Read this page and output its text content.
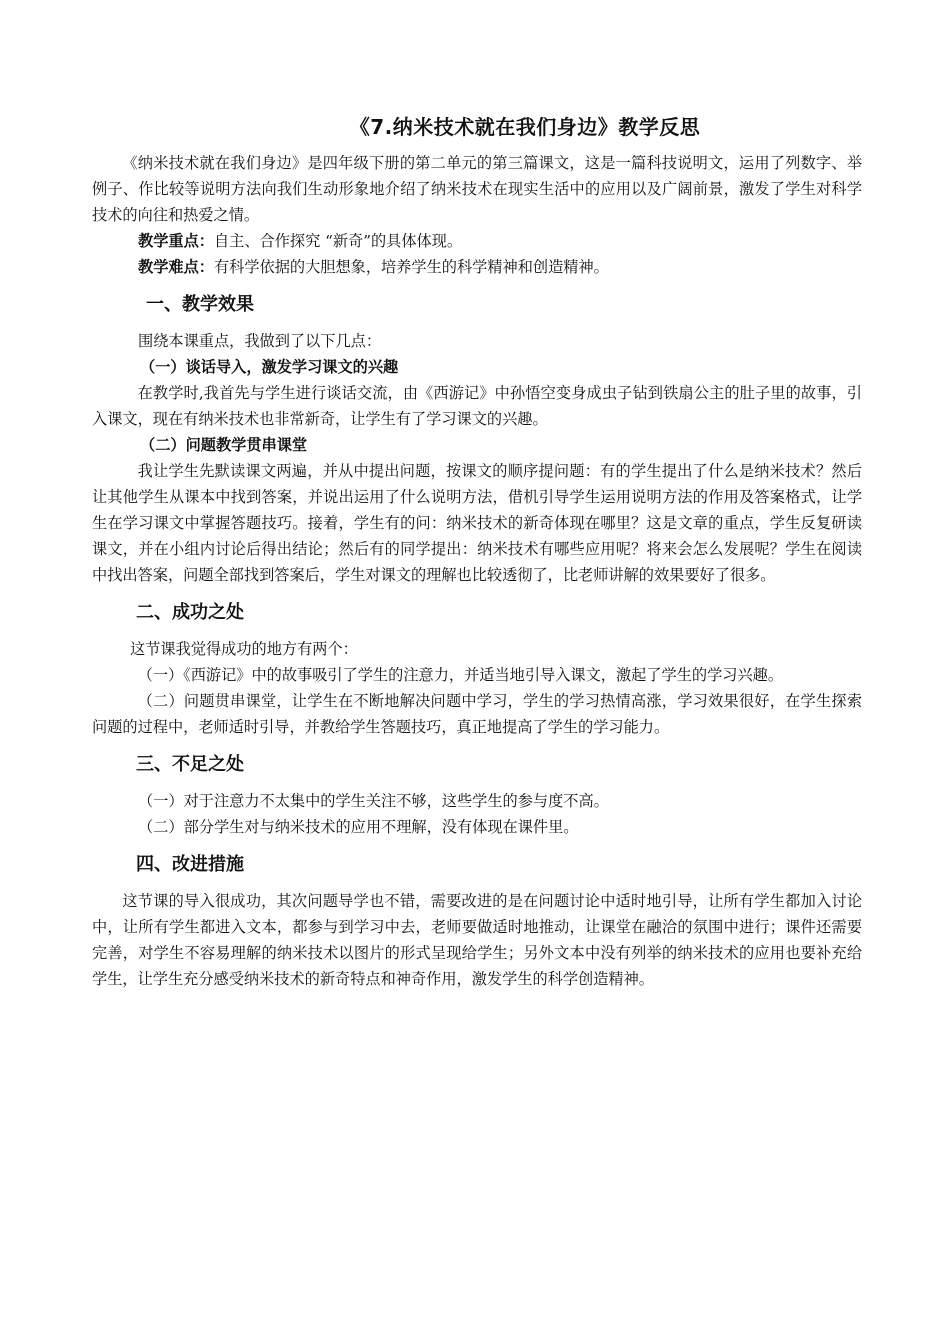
《7.纳米技术就在我们身边》教学反思

《纳米技术就在我们身边》是四年级下册的第二单元的第三篇课文，这是一篇科技说明文，运用了列数字、举例子、作比较等说明方法向我们生动形象地介绍了纳米技术在现实生活中的应用以及广阔前景，激发了学生对科学技术的向往和热爱之情。

教学重点：自主、合作探究 “新奇”的具体体现。

教学难点：有科学依据的大胆想象，培养学生的科学精神和创造精神。

一、教学效果

围绕本课重点，我做到了以下几点：

（一）谈话导入，激发学习课文的兴趣

在教学时,我首先与学生进行谈话交流，由《西游记》中孙悟空变身成虫子钻到铁扇公主的肚子里的故事，引入课文，现在有纳米技术也非常新奇，让学生有了学习课文的兴趣。

（二）问题教学贯串课堂

我让学生先默读课文两遍，并从中提出问题，按课文的顺序提问题：有的学生提出了什么是纳米技术？然后让其他学生从课本中找到答案，并说出运用了什么说明方法，借机引导学生运用说明方法的作用及答案格式，让学生在学习课文中掌握答题技巧。接着，学生有的问：纳米技术的新奇体现在哪里？这是文章的重点，学生反复研读课文，并在小组内讨论后得出结论；然后有的同学提出：纳米技术有哪些应用呢？将来会怎么发展呢？学生在阅读中找出答案，问题全部找到答案后，学生对课文的理解也比较透彻了，比老师讲解的效果要好了很多。

二、成功之处

这节课我觉得成功的地方有两个：

（一）《西游记》中的故事吸引了学生的注意力，并适当地引导入课文，激起了学生的学习兴趣。

（二）问题贯串课堂，让学生在不断地解决问题中学习，学生的学习热情高涨，学习效果很好，在学生探索问题的过程中，老师适时引导，并教给学生答题技巧，真正地提高了学生的学习能力。

三、不足之处

（一）对于注意力不太集中的学生关注不够，这些学生的参与度不高。

（二）部分学生对与纳米技术的应用不理解，没有体现在课件里。

四、改进措施

这节课的导入很成功，其次问题导学也不错，需要改进的是在问题讨论中适时地引导，让所有学生都加入讨论中，让所有学生都进入文本，都参与到学习中去，老师要做适时地推动，让课堂在融洽的氛围中进行；课件还需要完善，对学生不容易理解的纳米技术以图片的形式呈现给学生；另外文本中没有列举的纳米技术的应用也要补充给学生，让学生充分感受纳米技术的新奇特点和神奇作用，激发学生的科学创造精神。
